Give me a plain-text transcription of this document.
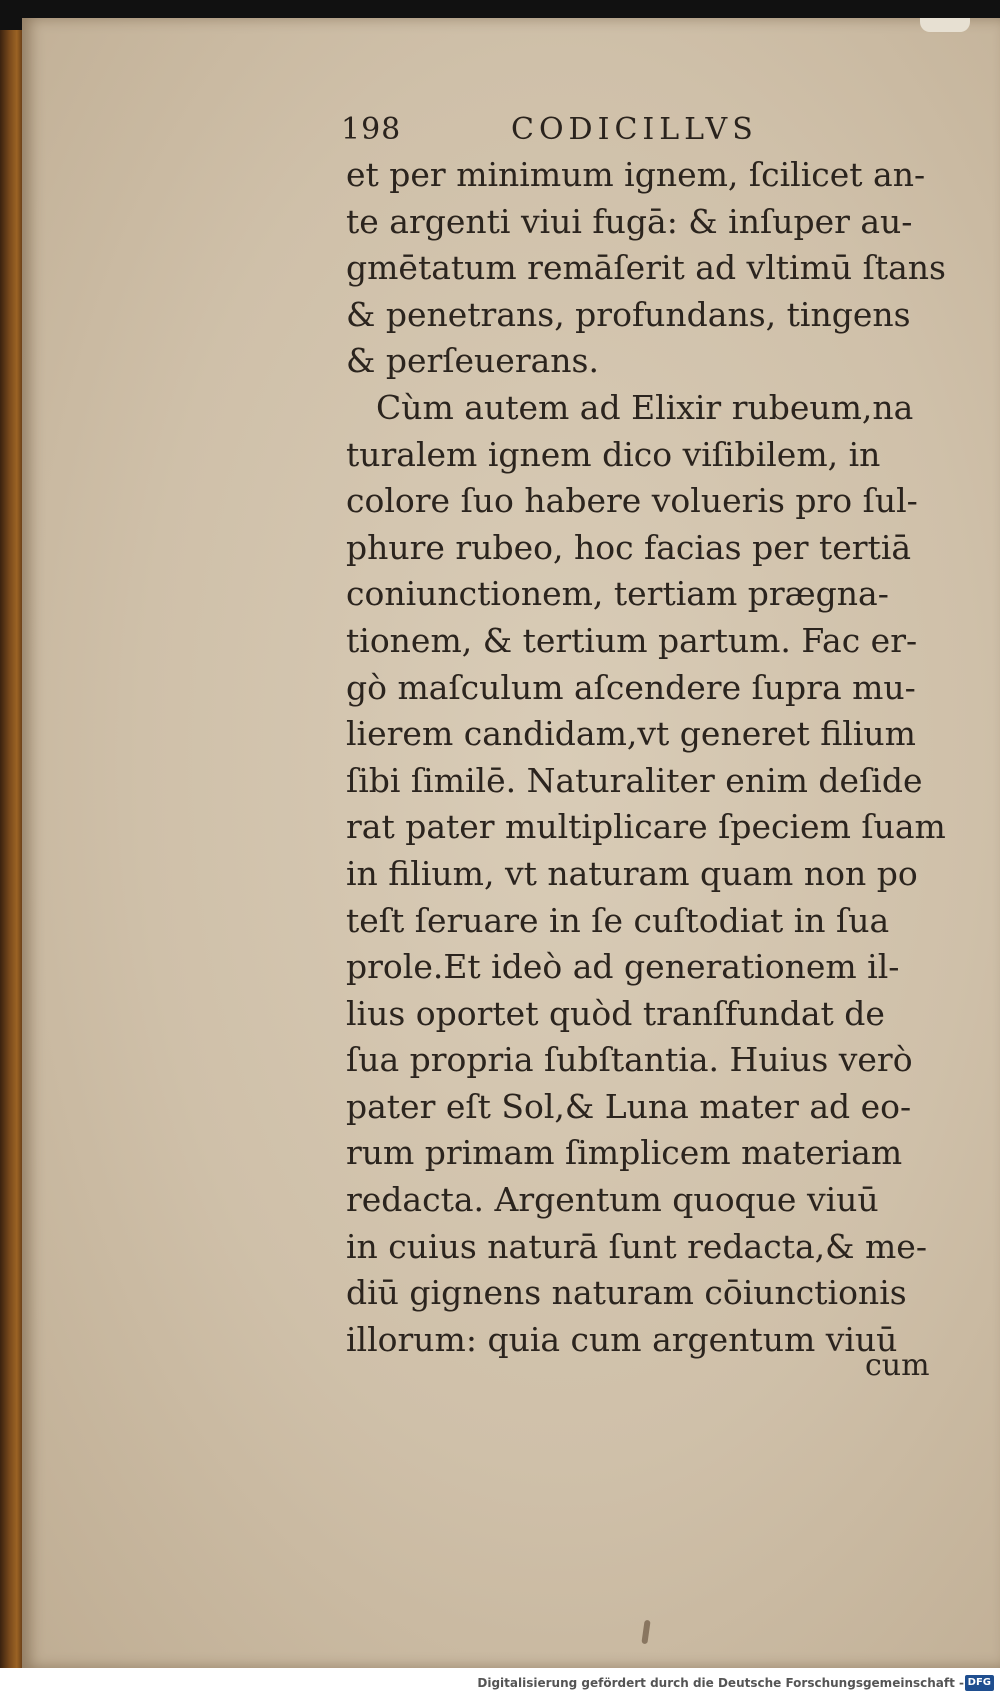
198	CODICILLVS
et per minimum ignem, ſcilicet an-
te argenti viui fugā: & inſuper au-
gmētatum remāſerit ad vltimū ſtans
& penetrans, profundans, tingens
& perſeuerans.
Cùm autem ad Elixir rubeum,na
turalem ignem dico viſibilem, in
colore ſuo habere volueris pro ſul-
phure rubeo, hoc facias per tertiā
coniunctionem, tertiam prægna-
tionem, & tertium partum. Fac er-
gò maſculum aſcendere ſupra mu-
lierem candidam,vt generet filium
ſibi ſimilē. Naturaliter enim deſide
rat pater multiplicare ſpeciem ſuam
in filium, vt naturam quam non po
teſt ſeruare in ſe cuſtodiat in ſua
prole.Et ideò ad generationem il-
lius oportet quòd tranſfundat de
ſua propria ſubſtantia. Huius verò
pater eſt Sol,& Luna mater ad eo-
rum primam ſimplicem materiam
redacta. Argentum quoque viuū
in cuius naturā ſunt redacta,& me-
diū gignens naturam cōiunctionis
illorum: quia cum argentum viuū
cum
Digitalisierung gefördert durch die Deutsche Forschungsgemeinschaft - DFG
